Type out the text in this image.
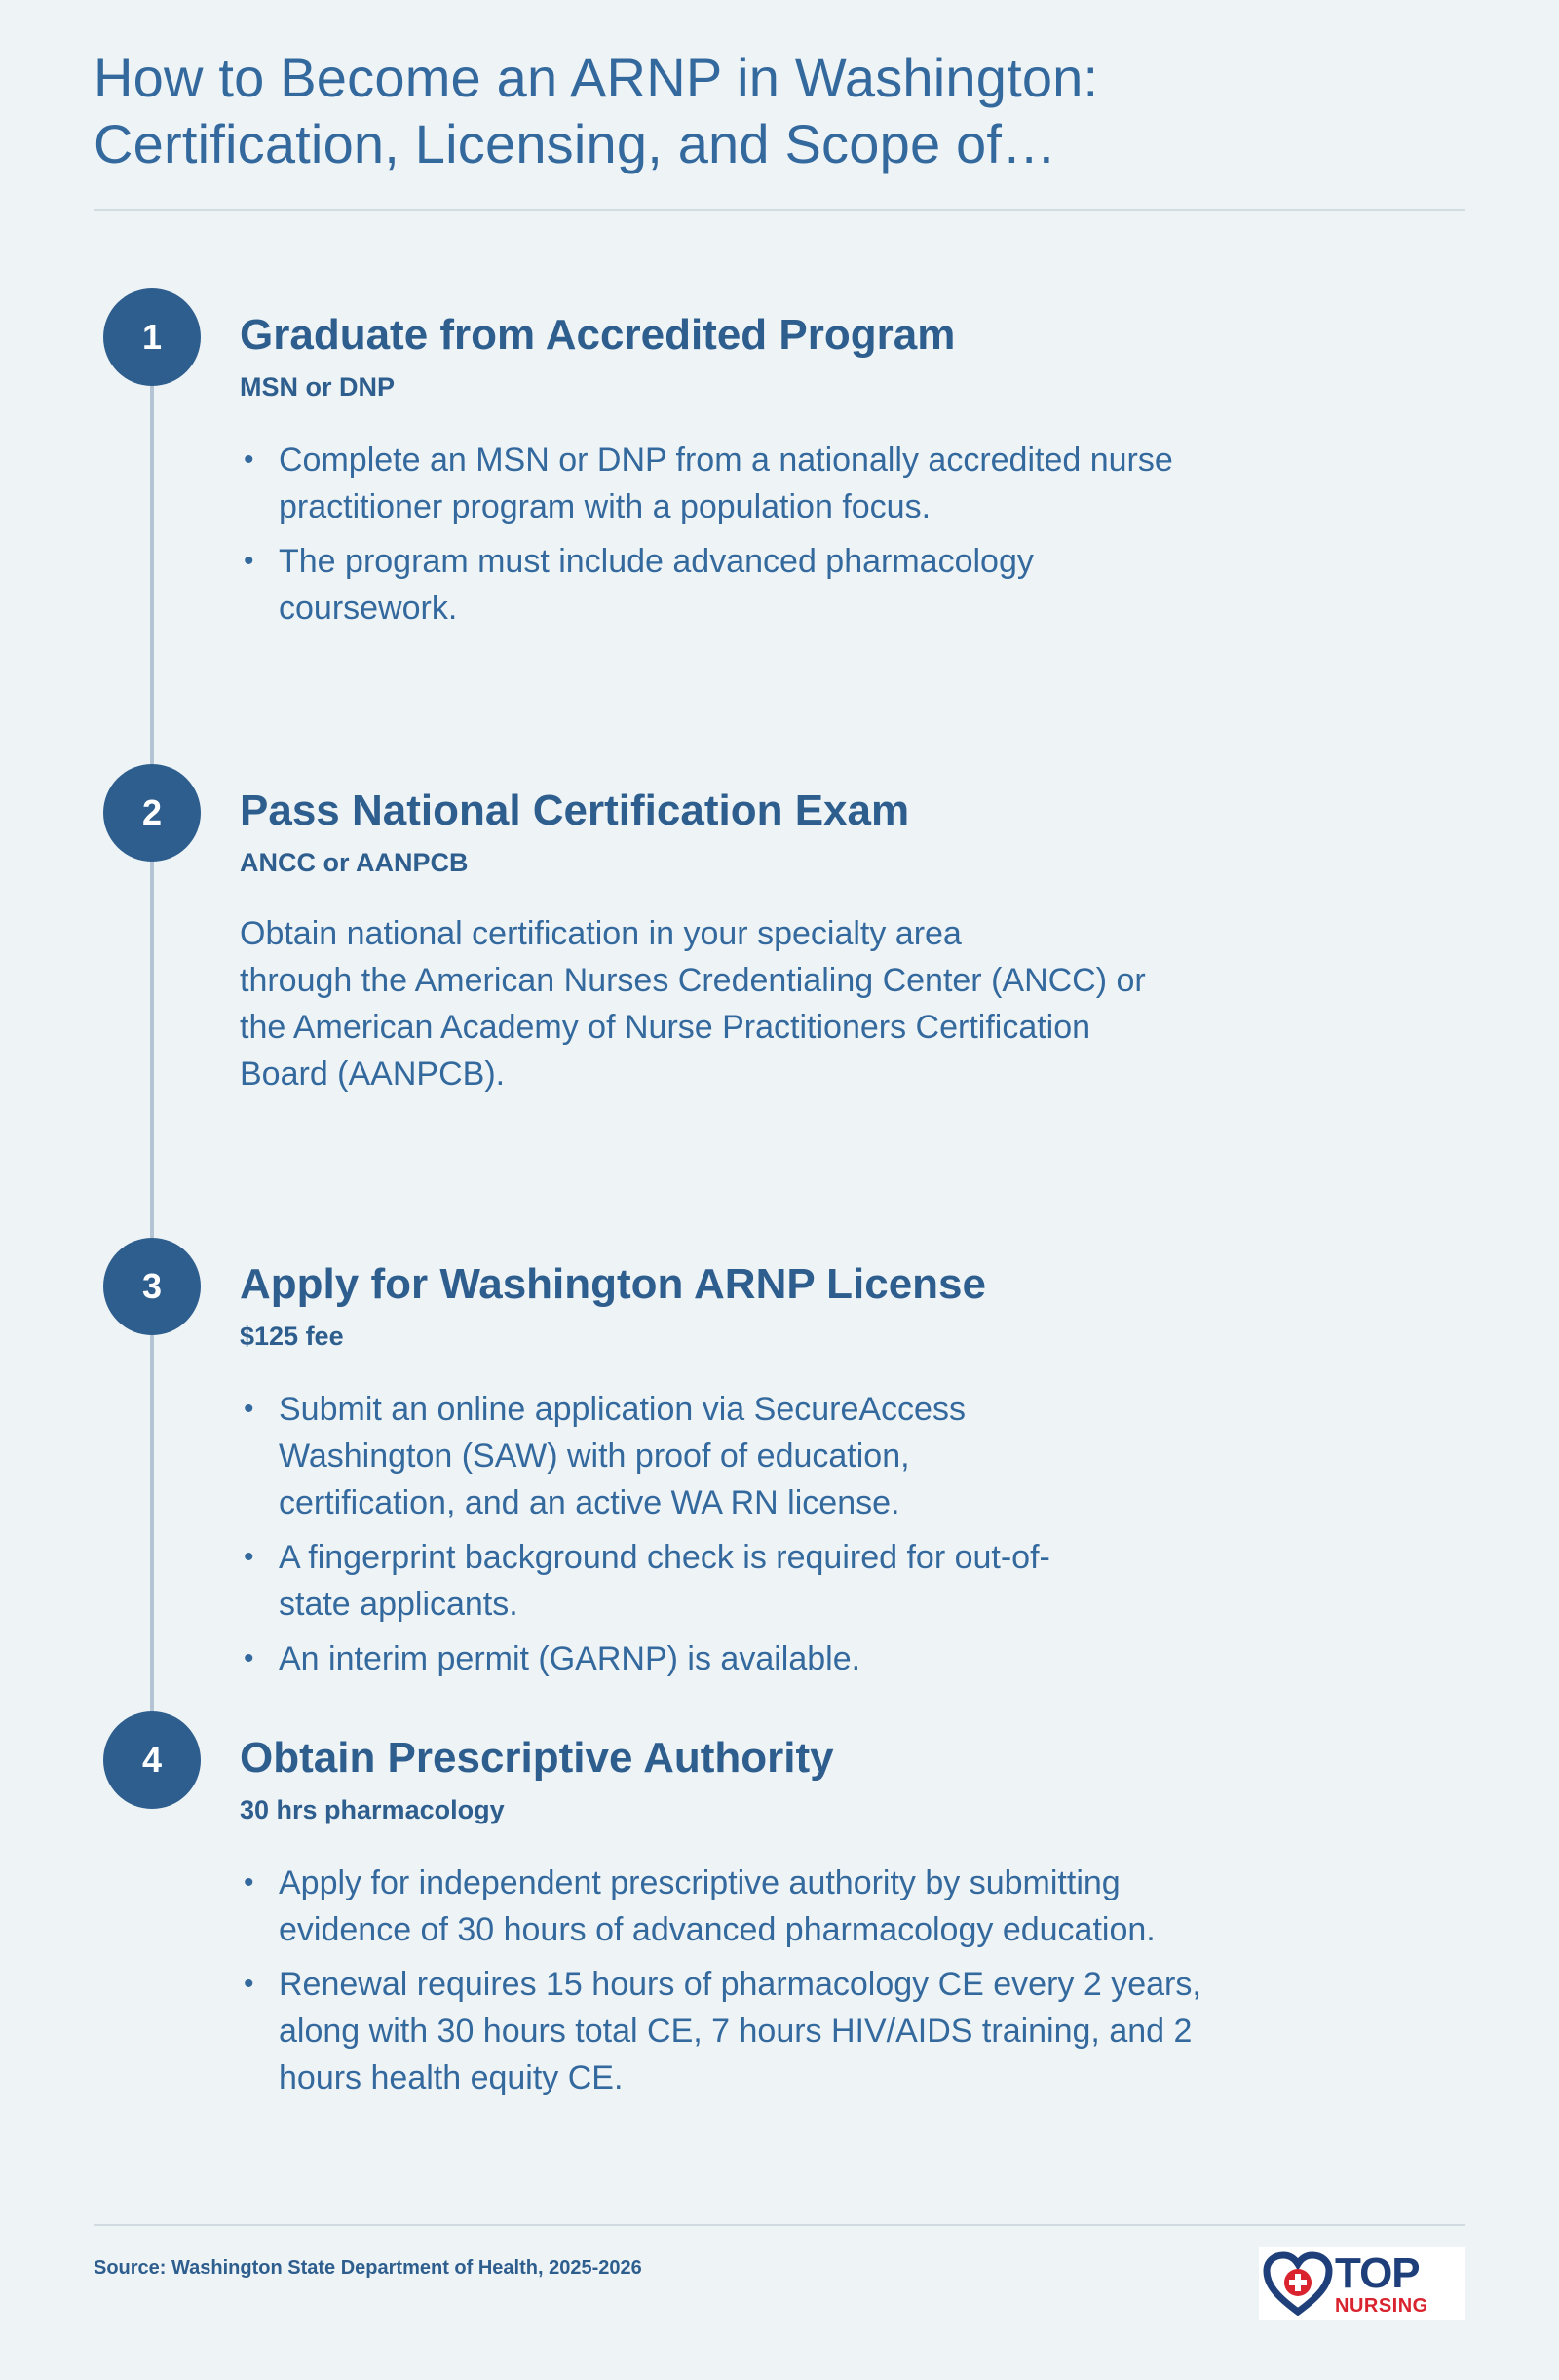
How to Become an ARNP in Washington: Certification, Licensing, and Scope of…
1	Graduate from Accredited Program

MSN or DNP

• Complete an MSN or DNP from a nationally accredited nurse practitioner program with a population focus.
• The program must include advanced pharmacology coursework.
2	Pass National Certification Exam

ANCC or AANPCB

Obtain national certification in your specialty area
through the American Nurses Credentialing Center (ANCC) or
the American Academy of Nurse Practitioners Certification
Board (AANPCB).
3	Apply for Washington ARNP License

$125 fee

• Submit an online application via SecureAccess Washington (SAW) with proof of education, certification, and an active WA RN license.
• A fingerprint background check is required for out-of-state applicants.
• An interim permit (GARNP) is available.
4	Obtain Prescriptive Authority

30 hrs pharmacology

• Apply for independent prescriptive authority by submitting evidence of 30 hours of advanced pharmacology education.
• Renewal requires 15 hours of pharmacology CE every 2 years, along with 30 hours total CE, 7 hours HIV/AIDS training, and 2 hours health equity CE.
Source: Washington State Department of Health, 2025-2026	TOP
NURSING
